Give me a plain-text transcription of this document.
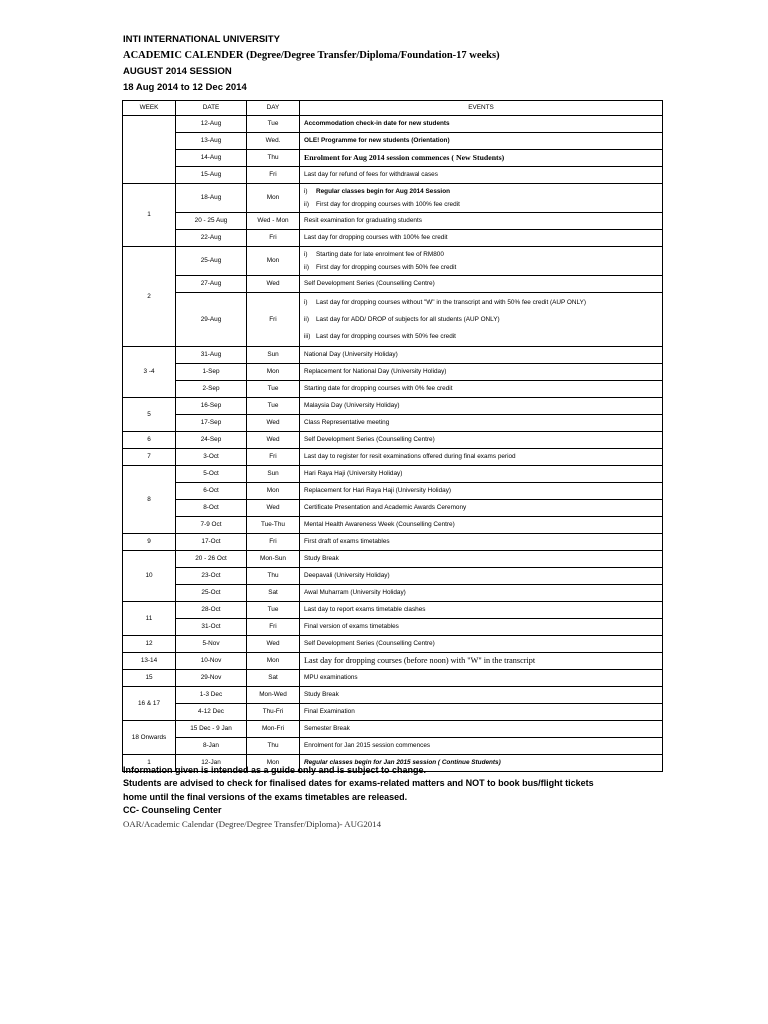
INTI INTERNATIONAL UNIVERSITY

ACADEMIC CALENDER (Degree/Degree Transfer/Diploma/Foundation-17 weeks)

AUGUST 2014 SESSION

18 Aug 2014 to 12 Dec 2014

WEEK	DATE	DAY	EVENTS
	12-Aug	Tue	Accommodation check-in date for new students
	13-Aug	Wed.	OLE! Programme for new students (Orientation)
	14-Aug	Thu	Enrolment for Aug 2014 session commences ( New Students)
	15-Aug	Fri	Last day for refund of fees for withdrawal cases
1	18-Aug	Mon	i) Regular classes begin for Aug 2014 Session
ii) First day for dropping courses with 100% fee credit

	20 - 25 Aug	Wed - Mon	Resit examination for graduating students
	22-Aug	Fri	Last day for dropping courses with 100% fee credit
2	25-Aug	Mon	i) Starting date for late enrolment fee of RM800
ii) First day for dropping courses with 50% fee credit

	27-Aug	Wed	Self Development Series (Counselling Centre)
	29-Aug	Fri	i) Last day for dropping courses without "W" in the transcript and with 50% fee credit (AUP ONLY)
ii) Last day for ADD/ DROP of subjects for all students (AUP ONLY)
iii) Last day for dropping courses with 50% fee credit

3 -4	31-Aug	Sun	National Day (University Holiday)
	1-Sep	Mon	Replacement for National Day (University Holiday)
	2-Sep	Tue	Starting date for dropping courses with 0% fee credit
5	16-Sep	Tue	Malaysia Day (University Holiday)
	17-Sep	Wed	Class Representative meeting
6	24-Sep	Wed	Self Development Series (Counselling Centre)
7	3-Oct	Fri	Last day to register for resit examinations offered during final exams period
8	5-Oct	Sun	Hari Raya Haji (University Holiday)
	6-Oct	Mon	Replacement for Hari Raya Haji (University Holiday)
	8-Oct	Wed	Certificate Presentation and Academic Awards Ceremony
	7-9 Oct	Tue-Thu	Mental Health Awareness Week (Counselling Centre)
9	17-Oct	Fri	First draft of exams timetables
10	20 - 26 Oct	Mon-Sun	Study Break
	23-Oct	Thu	Deepavali (University Holiday)
	25-Oct	Sat	Awal Muharram (University Holiday)
11	28-Oct	Tue	Last day to report exams timetable clashes
	31-Oct	Fri	Final version of exams timetables
12	5-Nov	Wed	Self Development Series (Counselling Centre)
13-14	10-Nov	Mon	Last day for dropping courses (before noon) with "W" in the transcript
15	29-Nov	Sat	MPU examinations
16 & 17	1-3 Dec	Mon-Wed	Study Break
	4-12 Dec	Thu-Fri	Final Examination
18 Onwards	15 Dec - 9 Jan	Mon-Fri	Semester Break
	8-Jan	Thu	Enrolment for Jan 2015 session commences
1	12-Jan	Mon	Regular classes begin for Jan 2015 session ( Continue Students)

Information given is intended as a guide only and is subject to change.

Students are advised to check for finalised dates for exams-related matters and NOT to book bus/flight tickets

home until the final versions of the exams timetables are released.

CC- Counseling Center

OAR/Academic Calendar (Degree/Degree Transfer/Diploma)- AUG2014
